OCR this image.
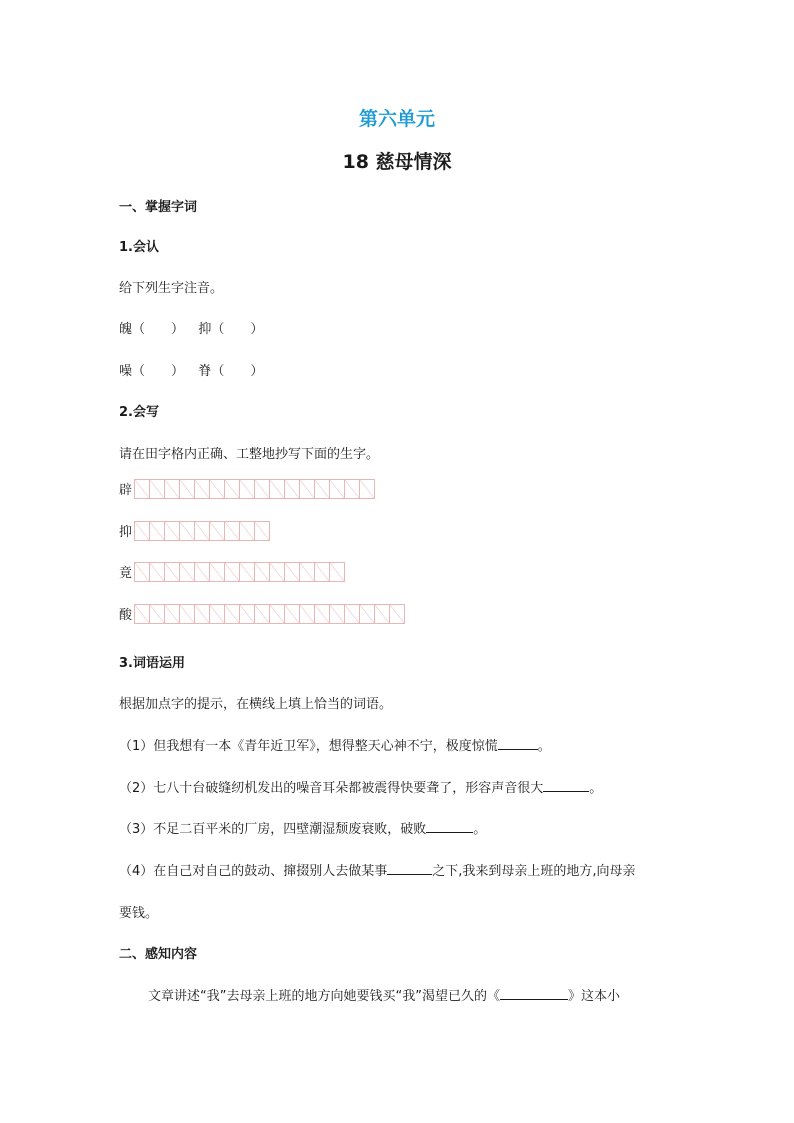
第六单元
18 慈母情深
一、掌握字词
1.会认
给下列生字注音。
魄（　　） 抑（　　）
噪（　　） 脊（　　）
2.会写
请在田字格内正确、工整地抄写下面的生字。
辟
抑
竟
酸
3.词语运用
根据加点字的提示，在横线上填上恰当的词语。
（1）但我想有一本《青年近卫军》，想得整天心神不宁，极度惊慌	。
（2）七八十台破缝纫机发出的噪音耳朵都被震得快要聋了，形容声音很大	。
（3）不足二百平米的厂房，四壁潮湿颓废衰败，破败	。
（4）在自己对自己的鼓动、撺掇别人去做某事	之下,我来到母亲上班的地方,向母亲
要钱。
二、感知内容
文章讲述“我”去母亲上班的地方向她要钱买“我”渴望已久的《	》这本小
